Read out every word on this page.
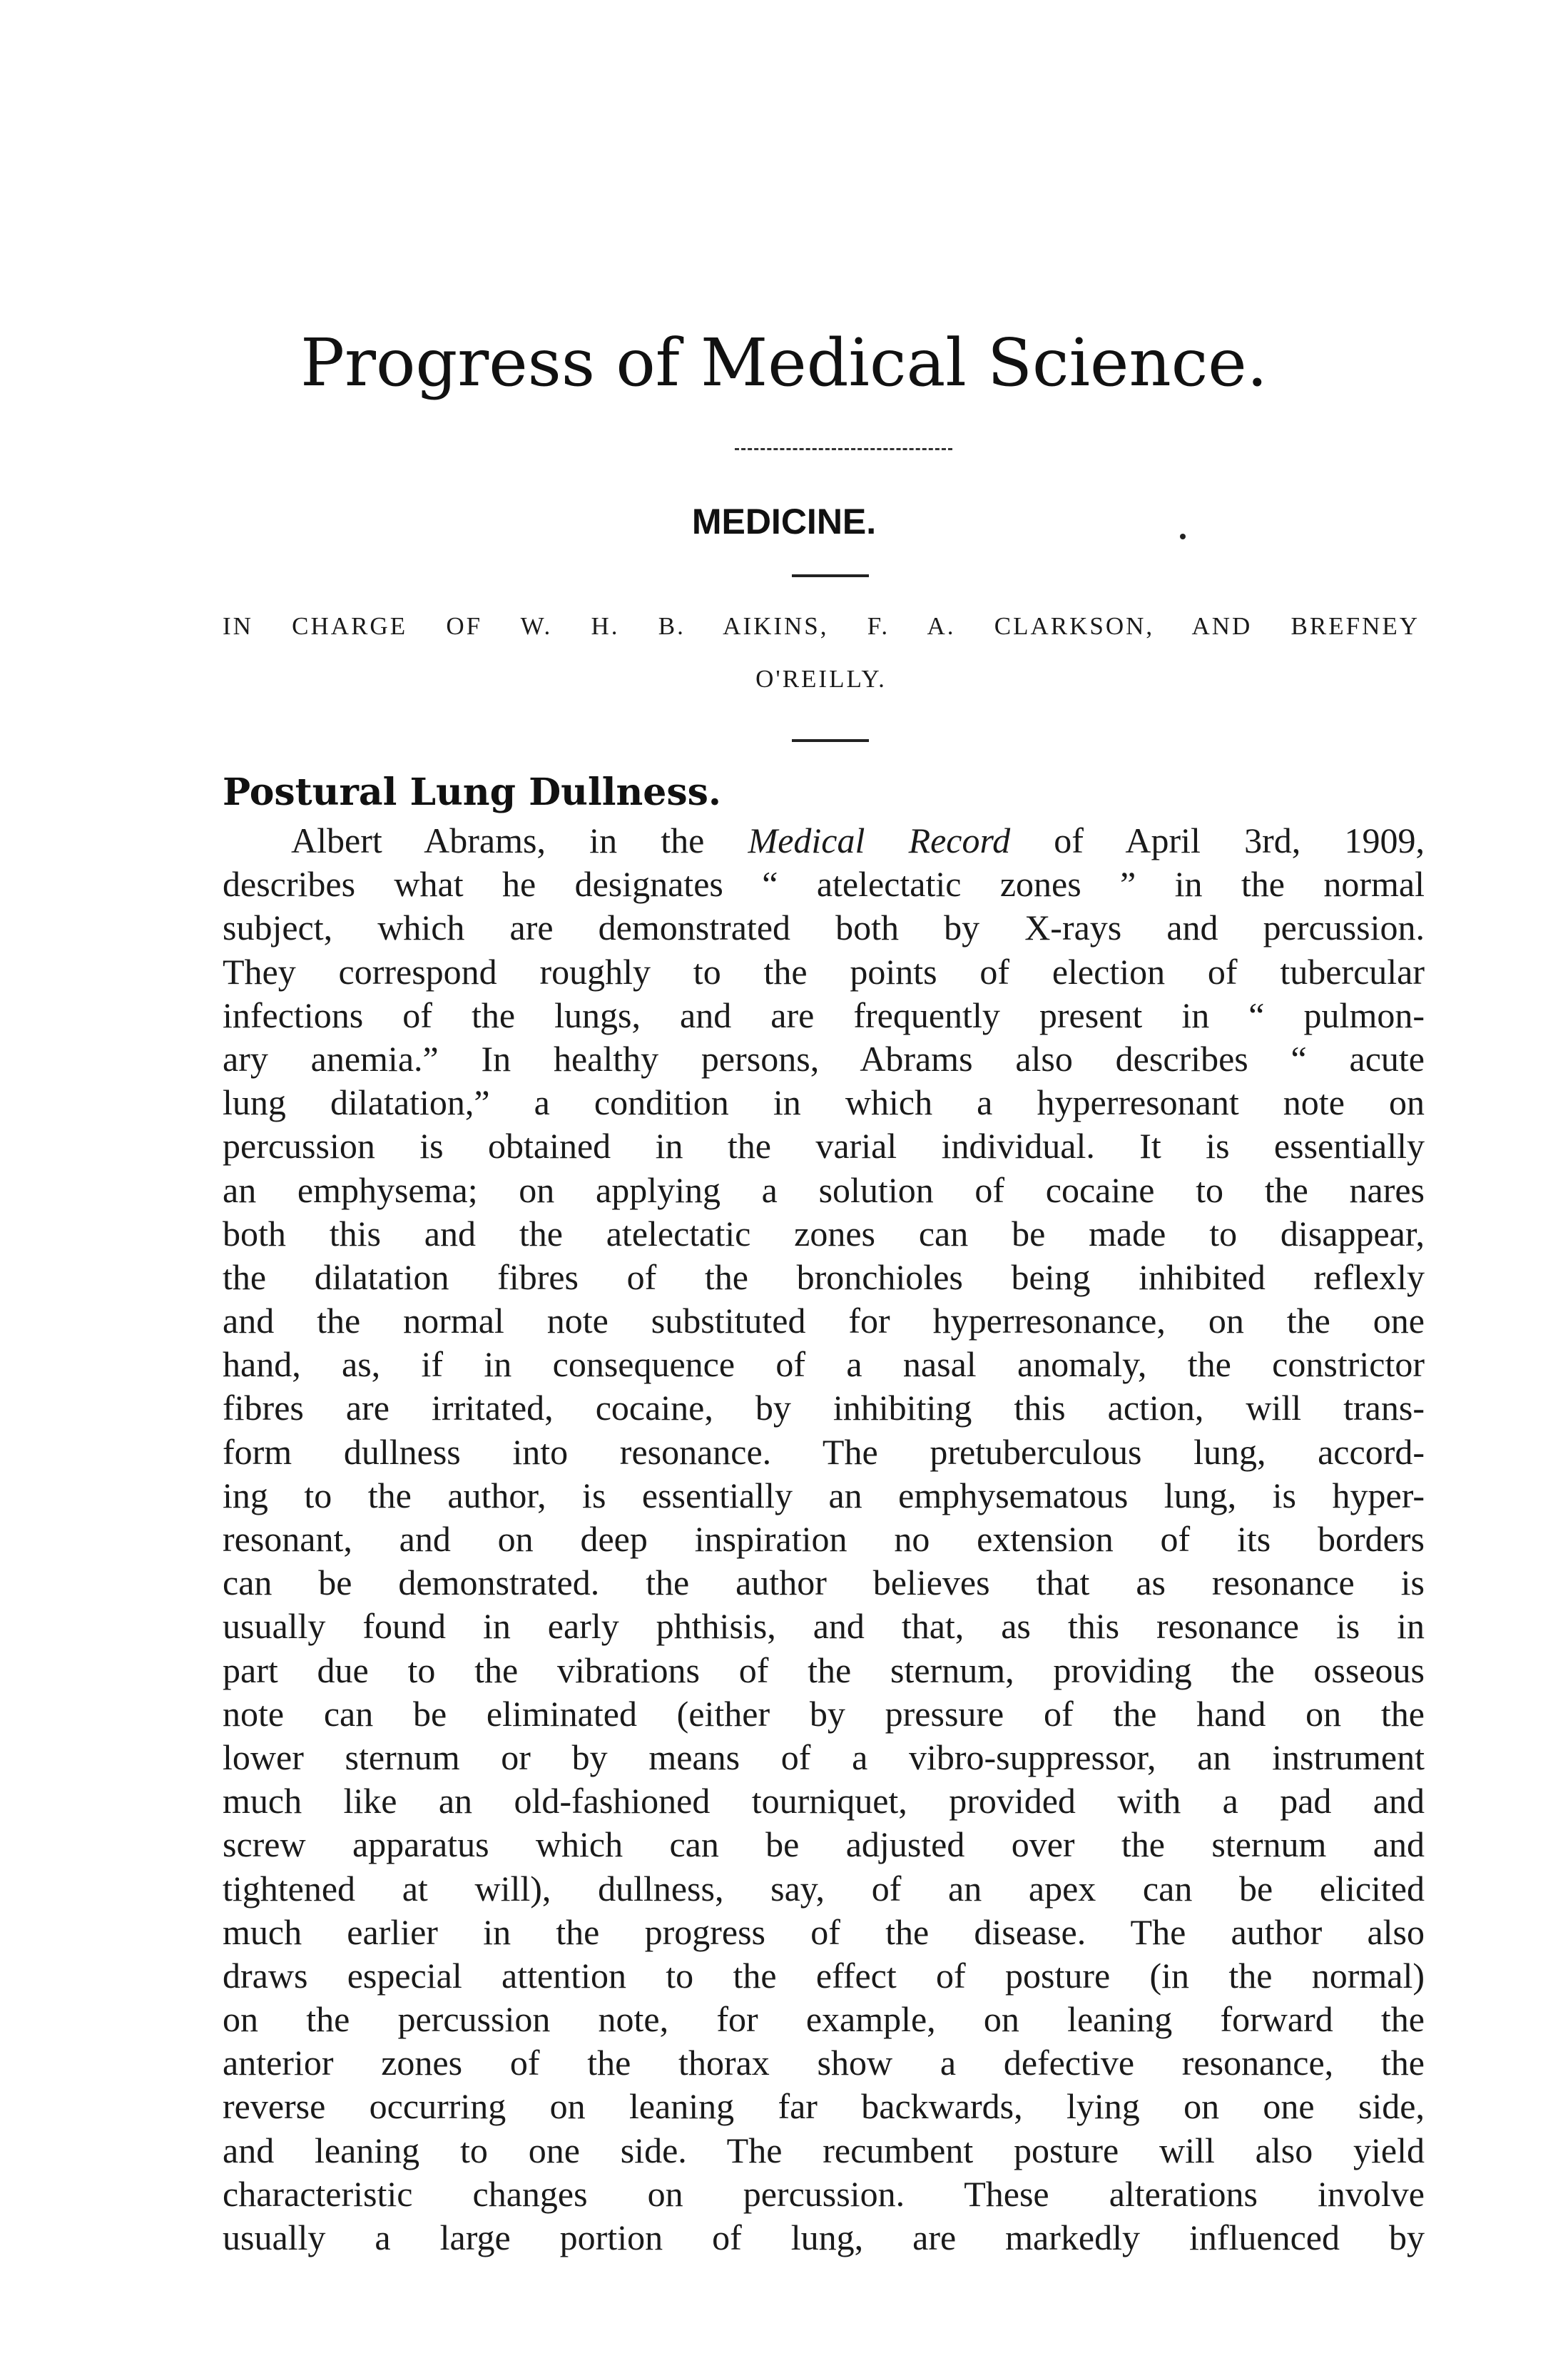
Progress of Medical Science.
MEDICINE.
IN CHARGE OF W. H. B. AIKINS, F. A. CLARKSON, AND BREFNEY
O'REILLY.
Postural Lung Dullness.
Albert Abrams, in the Medical Record of April 3rd, 1909,
describes what he designates “ atelectatic zones ” in the normal
subject, which are demonstrated both by X-rays and percussion.
They correspond roughly to the points of election of tubercular
infections of the lungs, and are frequently present in “ pulmon-
ary anemia.” In healthy persons, Abrams also describes “ acute
lung dilatation,” a condition in which a hyperresonant note on
percussion is obtained in the varial individual. It is essentially
an emphysema; on applying a solution of cocaine to the nares
both this and the atelectatic zones can be made to disappear,
the dilatation fibres of the bronchioles being inhibited reflexly
and the normal note substituted for hyperresonance, on the one
hand, as, if in consequence of a nasal anomaly, the constrictor
fibres are irritated, cocaine, by inhibiting this action, will trans-
form dullness into resonance. The pretuberculous lung, accord-
ing to the author, is essentially an emphysematous lung, is hyper-
resonant, and on deep inspiration no extension of its borders
can be demonstrated. the author believes that as resonance is
usually found in early phthisis, and that, as this resonance is in
part due to the vibrations of the sternum, providing the osseous
note can be eliminated (either by pressure of the hand on the
lower sternum or by means of a vibro-suppressor, an instrument
much like an old-fashioned tourniquet, provided with a pad and
screw apparatus which can be adjusted over the sternum and
tightened at will), dullness, say, of an apex can be elicited
much earlier in the progress of the disease. The author also
draws especial attention to the effect of posture (in the normal)
on the percussion note, for example, on leaning forward the
anterior zones of the thorax show a defective resonance, the
reverse occurring on leaning far backwards, lying on one side,
and leaning to one side. The recumbent posture will also yield
characteristic changes on percussion. These alterations involve
usually a large portion of lung, are markedly influenced by
